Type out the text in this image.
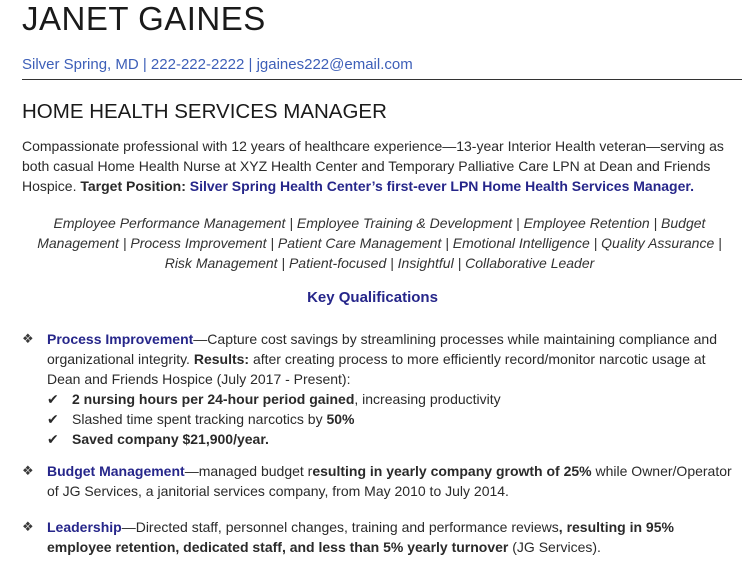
JANET GAINES
Silver Spring, MD | 222-222-2222 | jgaines222@email.com
HOME HEALTH SERVICES MANAGER
Compassionate professional with 12 years of healthcare experience—13-year Interior Health veteran—serving as both casual Home Health Nurse at XYZ Health Center and Temporary Palliative Care LPN at Dean and Friends Hospice. Target Position: Silver Spring Health Center’s first-ever LPN Home Health Services Manager.
Employee Performance Management | Employee Training & Development | Employee Retention | Budget Management | Process Improvement | Patient Care Management | Emotional Intelligence | Quality Assurance | Risk Management | Patient-focused | Insightful | Collaborative Leader
Key Qualifications
❖ Process Improvement—Capture cost savings by streamlining processes while maintaining compliance and organizational integrity. Results: after creating process to more efficiently record/monitor narcotic usage at Dean and Friends Hospice (July 2017 - Present):
✔ 2 nursing hours per 24-hour period gained, increasing productivity
✔ Slashed time spent tracking narcotics by 50%
✔ Saved company $21,900/year.
❖ Budget Management—managed budget resulting in yearly company growth of 25% while Owner/Operator of JG Services, a janitorial services company, from May 2010 to July 2014.
❖ Leadership—Directed staff, personnel changes, training and performance reviews, resulting in 95% employee retention, dedicated staff, and less than 5% yearly turnover (JG Services).
